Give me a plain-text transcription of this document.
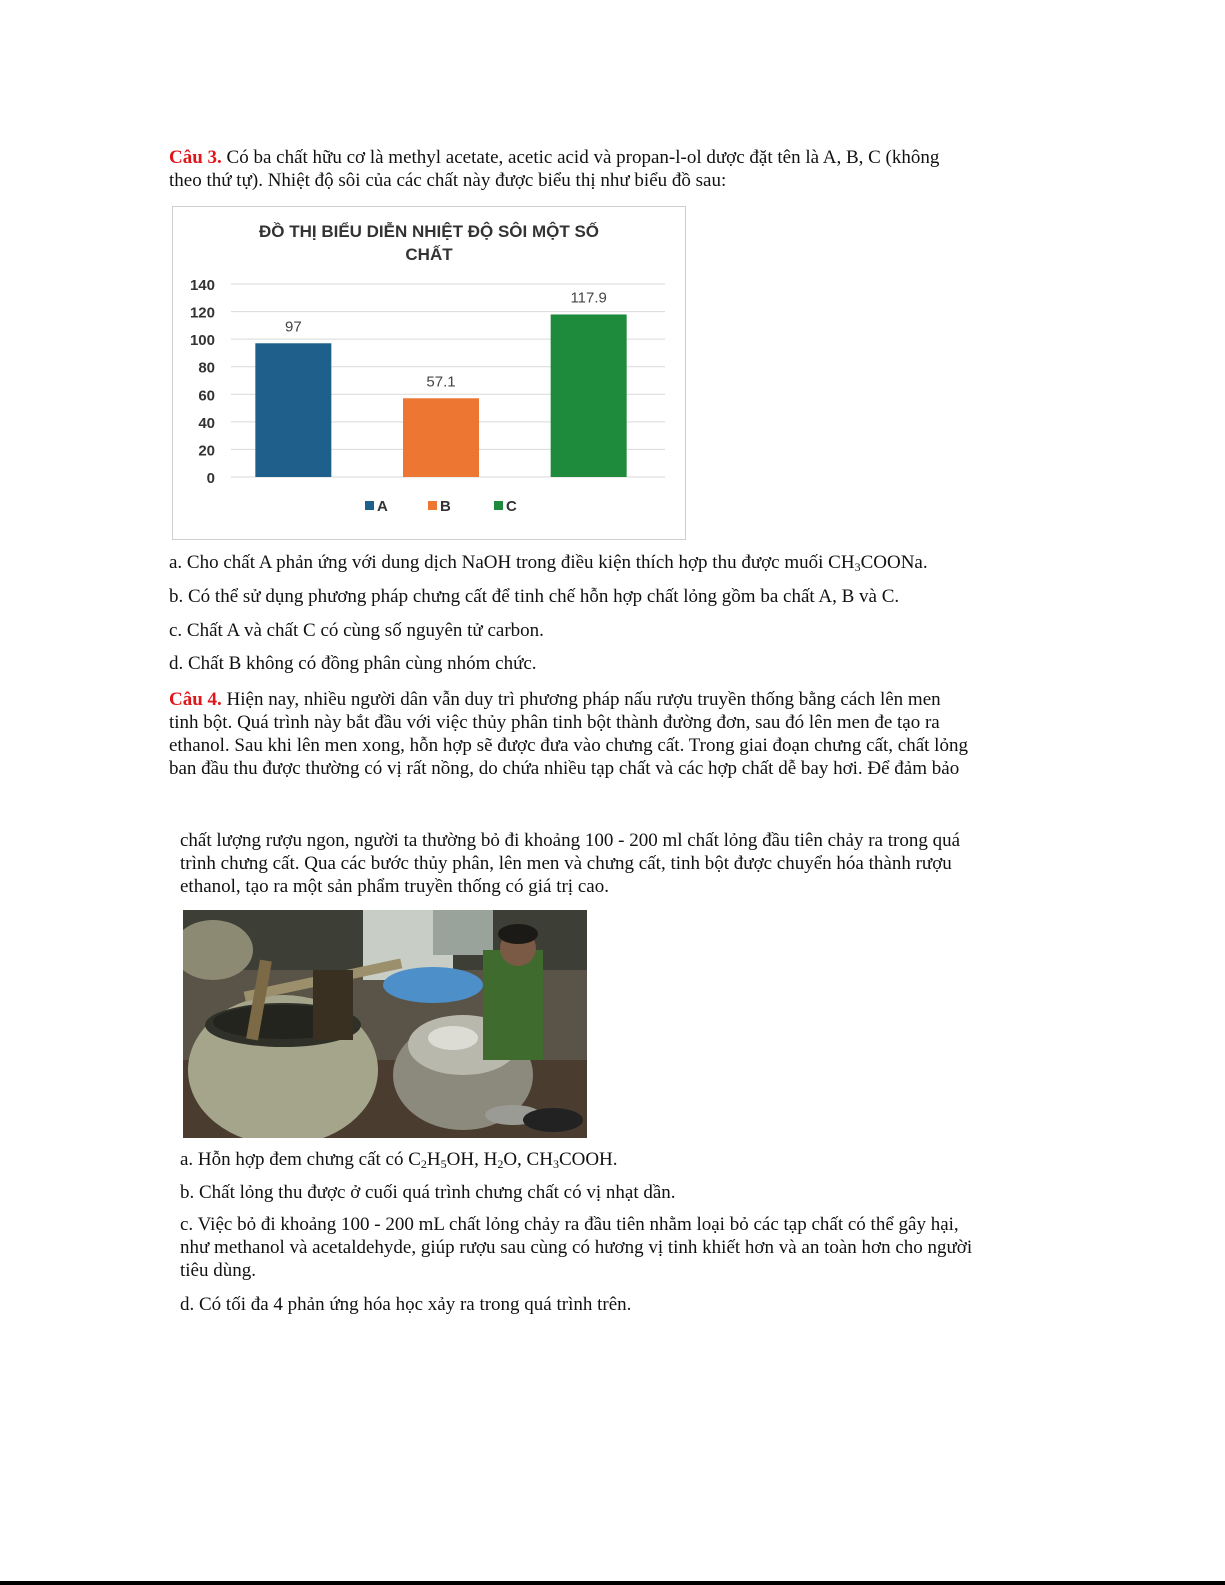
Câu 3. Có ba chất hữu cơ là methyl acetate, acetic acid và propan-l-ol dược đặt tên là A, B, C (không
theo thứ tự). Nhiệt độ sôi của các chất này được biểu thị như biểu đồ sau:
ĐỒ THỊ BIỂU DIỄN NHIỆT ĐỘ SÔI MỘT SỐ
CHẤT
0
20
40
60
80
100
120
140
97
57.1
117.9
A	B	C
a. Cho chất A phản ứng với dung dịch NaOH trong điều kiện thích hợp thu được muối $CH_3COONa$.
b. Có thể sử dụng phương pháp chưng cất để tinh chế hỗn hợp chất lỏng gồm ba chất A, B và C.
c. Chất A và chất C có cùng số nguyên tử carbon.
d. Chất B không có đồng phân cùng nhóm chức.
Câu 4. Hiện nay, nhiều người dân vẫn duy trì phương pháp nấu rượu truyền thống bằng cách lên men
tinh bột. Quá trình này bắt đầu với việc thủy phân tinh bột thành đường đơn, sau đó lên men đe tạo ra
ethanol. Sau khi lên men xong, hỗn hợp sẽ được đưa vào chưng cất. Trong giai đoạn chưng cất, chất lỏng
ban đầu thu được thường có vị rất nồng, do chứa nhiều tạp chất và các hợp chất dễ bay hơi. Để đảm bảo
chất lượng rượu ngon, người ta thường bỏ đi khoảng 100 - 200 ml chất lỏng đầu tiên chảy ra trong quá
trình chưng cất. Qua các bước thủy phân, lên men và chưng cất, tinh bột được chuyển hóa thành rượu
ethanol, tạo ra một sản phẩm truyền thống có giá trị cao.
a. Hỗn hợp đem chưng cất có $C_2H_5OH$, $H_2O$, $CH_3COOH$.
b. Chất lỏng thu được ở cuối quá trình chưng chất có vị nhạt dần.
c. Việc bỏ đi khoảng 100 - 200 mL chất lỏng chảy ra đầu tiên nhằm loại bỏ các tạp chất có thể gây hại,
như methanol và acetaldehyde, giúp rượu sau cùng có hương vị tinh khiết hơn và an toàn hơn cho người
tiêu dùng.
d. Có tối đa 4 phản ứng hóa học xảy ra trong quá trình trên.
